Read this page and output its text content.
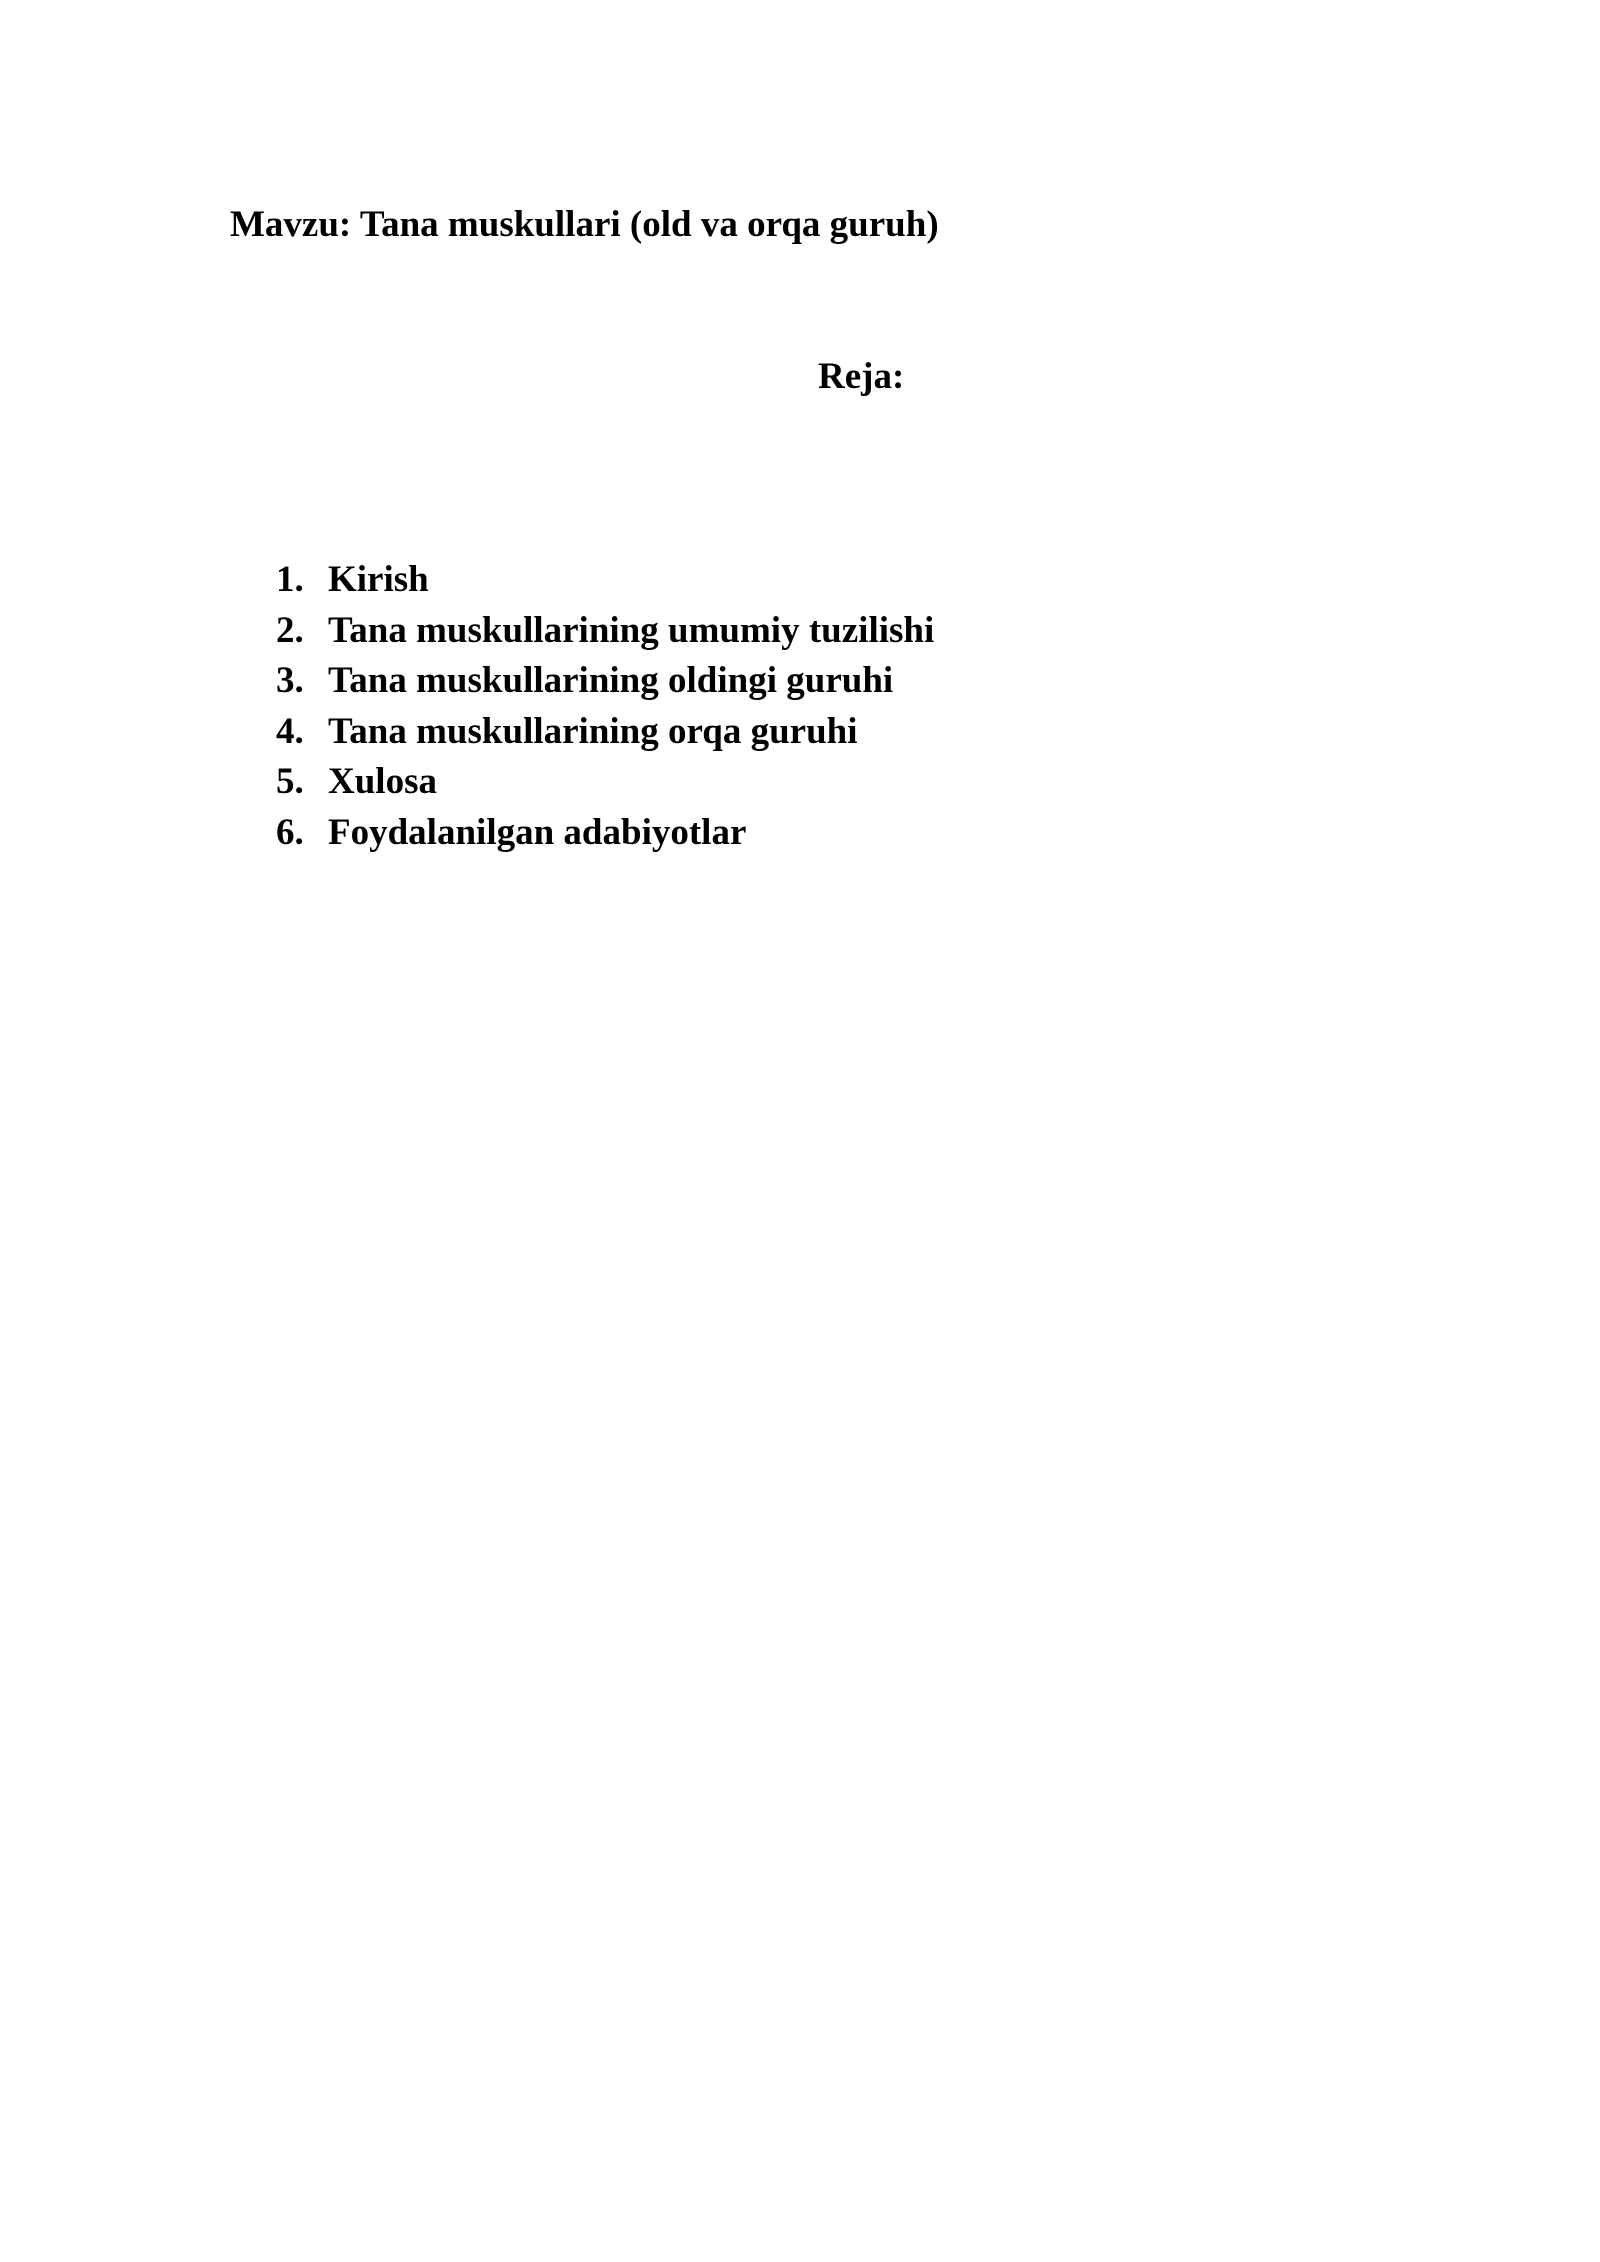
Mavzu: Tana muskullari (old va orqa guruh)
Reja:
1. Kirish
2. Tana muskullarining umumiy tuzilishi
3. Tana muskullarining oldingi guruhi
4. Tana muskullarining orqa guruhi
5. Xulosa
6. Foydalanilgan adabiyotlar
